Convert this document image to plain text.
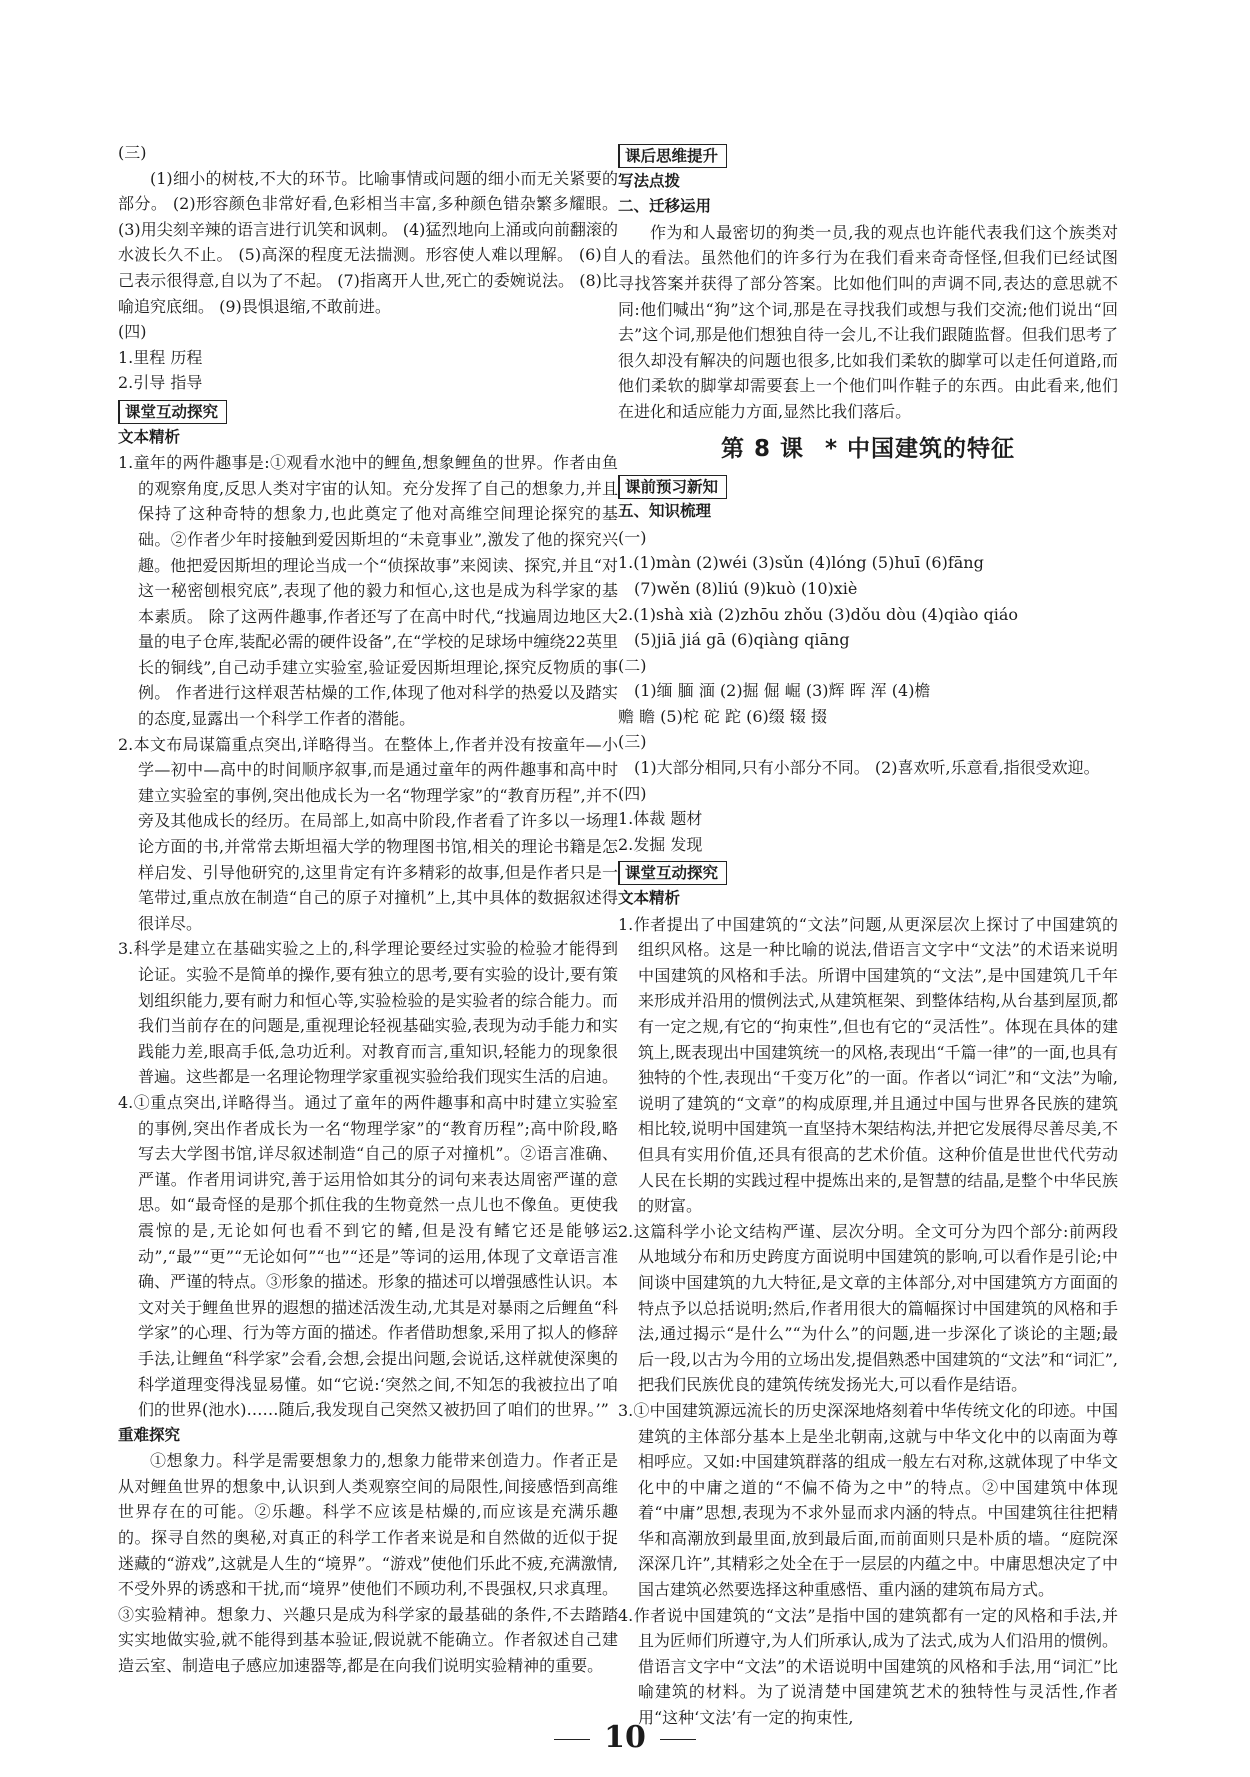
(三)

(1)细小的树枝,不大的环节。比喻事情或问题的细小而无关紧要的部分。 (2)形容颜色非常好看,色彩相当丰富,多种颜色错杂繁多耀眼。 (3)用尖刻辛辣的语言进行讥笑和讽刺。 (4)猛烈地向上涌或向前翻滚的水波长久不止。 (5)高深的程度无法揣测。形容使人难以理解。 (6)自己表示很得意,自以为了不起。 (7)指离开人世,死亡的委婉说法。 (8)比喻追究底细。 (9)畏惧退缩,不敢前进。

(四)

1.里程 历程

2.引导 指导

课堂互动探究

文本精析

1.童年的两件趣事是:①观看水池中的鲤鱼,想象鲤鱼的世界。作者由鱼的观察角度,反思人类对宇宙的认知。充分发挥了自己的想象力,并且保持了这种奇特的想象力,也此奠定了他对高维空间理论探究的基础。②作者少年时接触到爱因斯坦的“未竟事业”,激发了他的探究兴趣。他把爱因斯坦的理论当成一个“侦探故事”来阅读、探究,并且“对这一秘密刨根究底”,表现了他的毅力和恒心,这也是成为科学家的基本素质。 除了这两件趣事,作者还写了在高中时代,“找遍周边地区大量的电子仓库,装配必需的硬件设备”,在“学校的足球场中缠绕22英里长的铜线”,自己动手建立实验室,验证爱因斯坦理论,探究反物质的事例。 作者进行这样艰苦枯燥的工作,体现了他对科学的热爱以及踏实的态度,显露出一个科学工作者的潜能。

2.本文布局谋篇重点突出,详略得当。在整体上,作者并没有按童年—小学—初中—高中的时间顺序叙事,而是通过童年的两件趣事和高中时建立实验室的事例,突出他成长为一名“物理学家”的“教育历程”,并不旁及其他成长的经历。在局部上,如高中阶段,作者看了许多以一场理论方面的书,并常常去斯坦福大学的物理图书馆,相关的理论书籍是怎样启发、引导他研究的,这里肯定有许多精彩的故事,但是作者只是一笔带过,重点放在制造“自己的原子对撞机”上,其中具体的数据叙述得很详尽。

3.科学是建立在基础实验之上的,科学理论要经过实验的检验才能得到论证。实验不是简单的操作,要有独立的思考,要有实验的设计,要有策划组织能力,要有耐力和恒心等,实验检验的是实验者的综合能力。而我们当前存在的问题是,重视理论轻视基础实验,表现为动手能力和实践能力差,眼高手低,急功近利。对教育而言,重知识,轻能力的现象很普遍。这些都是一名理论物理学家重视实验给我们现实生活的启迪。

4.①重点突出,详略得当。通过了童年的两件趣事和高中时建立实验室的事例,突出作者成长为一名“物理学家”的“教育历程”;高中阶段,略写去大学图书馆,详尽叙述制造“自己的原子对撞机”。②语言准确、严谨。作者用词讲究,善于运用恰如其分的词句来表达周密严谨的意思。如“最奇怪的是那个抓住我的生物竟然一点儿也不像鱼。更使我震惊的是,无论如何也看不到它的鳍,但是没有鳍它还是能够运动”,“最”“更”“无论如何”“也”“还是”等词的运用,体现了文章语言准确、严谨的特点。③形象的描述。形象的描述可以增强感性认识。本文对关于鲤鱼世界的遐想的描述活泼生动,尤其是对暴雨之后鲤鱼“科学家”的心理、行为等方面的描述。作者借助想象,采用了拟人的修辞手法,让鲤鱼“科学家”会看,会想,会提出问题,会说话,这样就使深奥的科学道理变得浅显易懂。如“它说:‘突然之间,不知怎的我被拉出了咱们的世界(池水)……随后,我发现自己突然又被扔回了咱们的世界。’”

重难探究

①想象力。科学是需要想象力的,想象力能带来创造力。作者正是从对鲤鱼世界的想象中,认识到人类观察空间的局限性,间接感悟到高维世界存在的可能。②乐趣。科学不应该是枯燥的,而应该是充满乐趣的。探寻自然的奥秘,对真正的科学工作者来说是和自然做的近似于捉迷藏的“游戏”,这就是人生的“境界”。“游戏”使他们乐此不疲,充满激情,不受外界的诱惑和干扰,而“境界”使他们不顾功利,不畏强权,只求真理。③实验精神。想象力、兴趣只是成为科学家的最基础的条件,不去踏踏实实地做实验,就不能得到基本验证,假说就不能确立。作者叙述自己建造云室、制造电子感应加速器等,都是在向我们说明实验精神的重要。

课后思维提升

写法点拨

二、迁移运用

作为和人最密切的狗类一员,我的观点也许能代表我们这个族类对人的看法。虽然他们的许多行为在我们看来奇奇怪怪,但我们已经试图寻找答案并获得了部分答案。比如他们叫的声调不同,表达的意思就不同:他们喊出“狗”这个词,那是在寻找我们或想与我们交流;他们说出“回去”这个词,那是他们想独自待一会儿,不让我们跟随监督。但我们思考了很久却没有解决的问题也很多,比如我们柔软的脚掌可以走任何道路,而他们柔软的脚掌却需要套上一个他们叫作鞋子的东西。由此看来,他们在进化和适应能力方面,显然比我们落后。

第 8 课 * 中国建筑的特征
课前预习新知

五、知识梳理

(一)

1.(1)màn (2)wéi (3)sǔn (4)lóng (5)huī (6)fāng

(7)wěn (8)liú (9)kuò (10)xiè

2.(1)shà xià (2)zhōu zhǒu (3)dǒu dòu (4)qiào qiáo

(5)jiā jiá gā (6)qiàng qiāng

(二)

(1)缅 腼 湎 (2)掘 倔 崛 (3)辉 晖 浑 (4)檐

赡 瞻 (5)柁 砣 跎 (6)缀 辍 掇

(三)

(1)大部分相同,只有小部分不同。 (2)喜欢听,乐意看,指很受欢迎。

(四)

1.体裁 题材

2.发掘 发现

课堂互动探究

文本精析

1.作者提出了中国建筑的“文法”问题,从更深层次上探讨了中国建筑的组织风格。这是一种比喻的说法,借语言文字中“文法”的术语来说明中国建筑的风格和手法。所谓中国建筑的“文法”,是中国建筑几千年来形成并沿用的惯例法式,从建筑框架、到整体结构,从台基到屋顶,都有一定之规,有它的“拘束性”,但也有它的“灵活性”。体现在具体的建筑上,既表现出中国建筑统一的风格,表现出“千篇一律”的一面,也具有独特的个性,表现出“千变万化”的一面。作者以“词汇”和“文法”为喻,说明了建筑的“文章”的构成原理,并且通过中国与世界各民族的建筑相比较,说明中国建筑一直坚持木架结构法,并把它发展得尽善尽美,不但具有实用价值,还具有很高的艺术价值。这种价值是世世代代劳动人民在长期的实践过程中提炼出来的,是智慧的结晶,是整个中华民族的财富。

2.这篇科学小论文结构严谨、层次分明。全文可分为四个部分:前两段从地域分布和历史跨度方面说明中国建筑的影响,可以看作是引论;中间谈中国建筑的九大特征,是文章的主体部分,对中国建筑方方面面的特点予以总括说明;然后,作者用很大的篇幅探讨中国建筑的风格和手法,通过揭示“是什么”“为什么”的问题,进一步深化了谈论的主题;最后一段,以古为今用的立场出发,提倡熟悉中国建筑的“文法”和“词汇”,把我们民族优良的建筑传统发扬光大,可以看作是结语。

3.①中国建筑源远流长的历史深深地烙刻着中华传统文化的印迹。中国建筑的主体部分基本上是坐北朝南,这就与中华文化中的以南面为尊相呼应。又如:中国建筑群落的组成一般左右对称,这就体现了中华文化中的中庸之道的“不偏不倚为之中”的特点。②中国建筑中体现着“中庸”思想,表现为不求外显而求内涵的特点。中国建筑往往把精华和高潮放到最里面,放到最后面,而前面则只是朴质的墙。“庭院深深深几许”,其精彩之处全在于一层层的内蕴之中。中庸思想决定了中国古建筑必然要选择这种重感悟、重内涵的建筑布局方式。

4.作者说中国建筑的“文法”是指中国的建筑都有一定的风格和手法,并且为匠师们所遵守,为人们所承认,成为了法式,成为人们沿用的惯例。借语言文字中“文法”的术语说明中国建筑的风格和手法,用“词汇”比喻建筑的材料。为了说清楚中国建筑艺术的独特性与灵活性,作者用“这种‘文法’有一定的拘束性,

10
